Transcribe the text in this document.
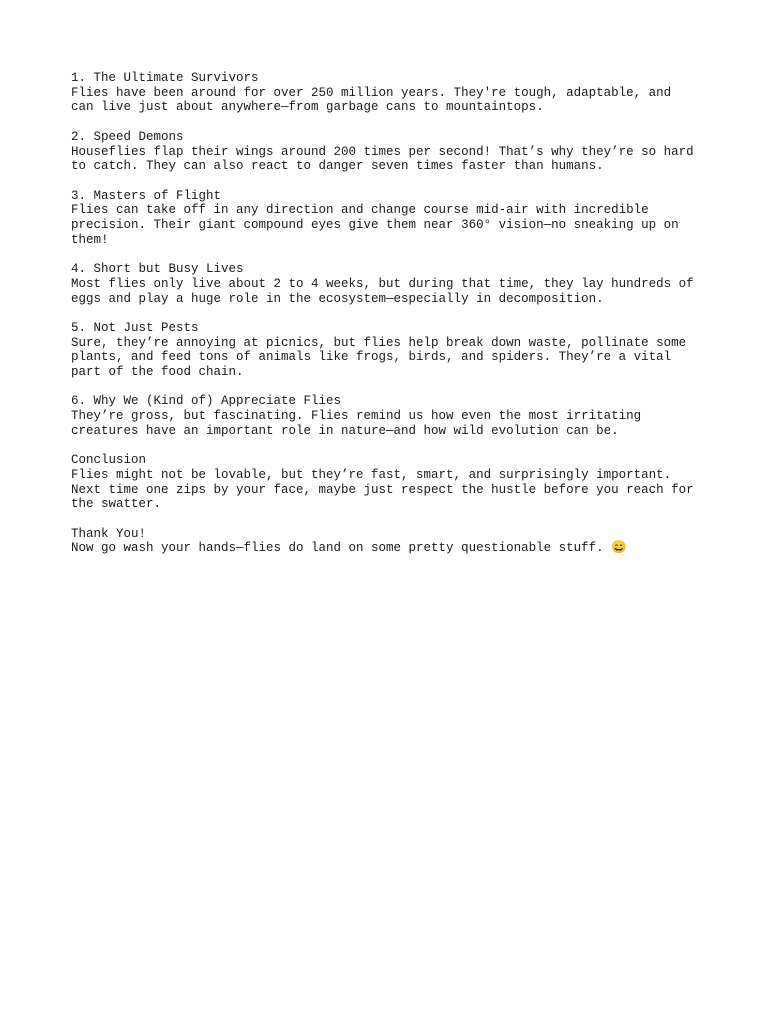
1. The Ultimate Survivors
Flies have been around for over 250 million years. They're tough, adaptable, and
can live just about anywhere—from garbage cans to mountaintops.
2. Speed Demons
Houseflies flap their wings around 200 times per second! That’s why they’re so hard
to catch. They can also react to danger seven times faster than humans.
3. Masters of Flight
Flies can take off in any direction and change course mid-air with incredible
precision. Their giant compound eyes give them near 360° vision—no sneaking up on
them!
4. Short but Busy Lives
Most flies only live about 2 to 4 weeks, but during that time, they lay hundreds of
eggs and play a huge role in the ecosystem—especially in decomposition.
5. Not Just Pests
Sure, they’re annoying at picnics, but flies help break down waste, pollinate some
plants, and feed tons of animals like frogs, birds, and spiders. They’re a vital
part of the food chain.
6. Why We (Kind of) Appreciate Flies
They’re gross, but fascinating. Flies remind us how even the most irritating
creatures have an important role in nature—and how wild evolution can be.
Conclusion
Flies might not be lovable, but they’re fast, smart, and surprisingly important.
Next time one zips by your face, maybe just respect the hustle before you reach for
the swatter.
Thank You!
Now go wash your hands—flies do land on some pretty questionable stuff. 😄
